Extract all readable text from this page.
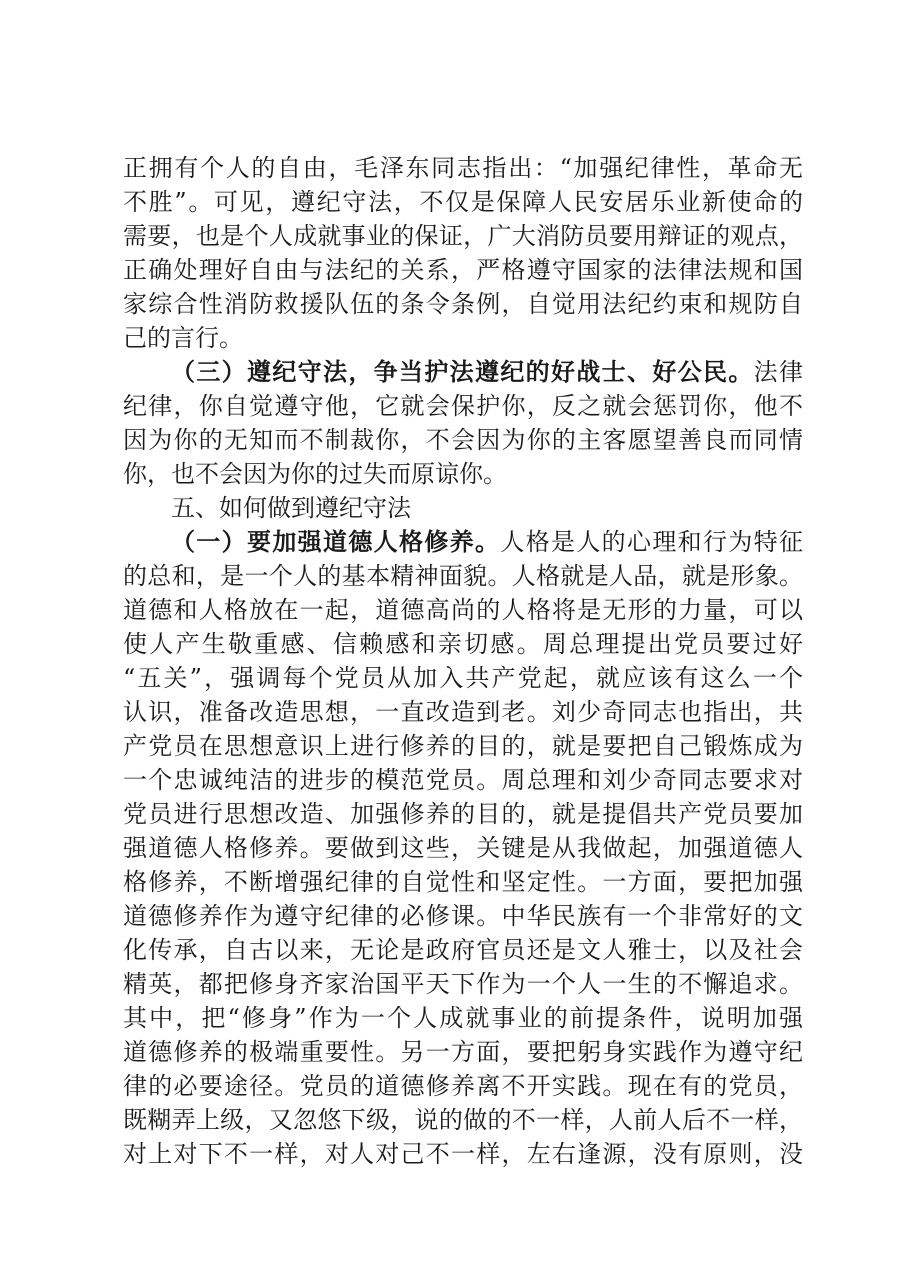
正拥有个人的自由，毛泽东同志指出：“加强纪律性，革命无
不胜”。可见，遵纪守法，不仅是保障人民安居乐业新使命的
需要，也是个人成就事业的保证，广大消防员要用辩证的观点，
正确处理好自由与法纪的关系，严格遵守国家的法律法规和国
家综合性消防救援队伍的条令条例，自觉用法纪约束和规防自
己的言行。
（三）遵纪守法，争当护法遵纪的好战士、好公民。法律
纪律，你自觉遵守他，它就会保护你，反之就会惩罚你，他不
因为你的无知而不制裁你，不会因为你的主客愿望善良而同情
你，也不会因为你的过失而原谅你。
五、如何做到遵纪守法
（一）要加强道德人格修养。人格是人的心理和行为特征
的总和，是一个人的基本精神面貌。人格就是人品，就是形象。
道德和人格放在一起，道德高尚的人格将是无形的力量，可以
使人产生敬重感、信赖感和亲切感。周总理提出党员要过好
“五关”，强调每个党员从加入共产党起，就应该有这么一个
认识，准备改造思想，一直改造到老。刘少奇同志也指出，共
产党员在思想意识上进行修养的目的，就是要把自己锻炼成为
一个忠诚纯洁的进步的模范党员。周总理和刘少奇同志要求对
党员进行思想改造、加强修养的目的，就是提倡共产党员要加
强道德人格修养。要做到这些，关键是从我做起，加强道德人
格修养，不断增强纪律的自觉性和坚定性。一方面，要把加强
道德修养作为遵守纪律的必修课。中华民族有一个非常好的文
化传承，自古以来，无论是政府官员还是文人雅士，以及社会
精英，都把修身齐家治国平天下作为一个人一生的不懈追求。
其中，把“修身”作为一个人成就事业的前提条件，说明加强
道德修养的极端重要性。另一方面，要把躬身实践作为遵守纪
律的必要途径。党员的道德修养离不开实践。现在有的党员，
既糊弄上级，又忽悠下级，说的做的不一样，人前人后不一样，
对上对下不一样，对人对己不一样，左右逢源，没有原则，没
